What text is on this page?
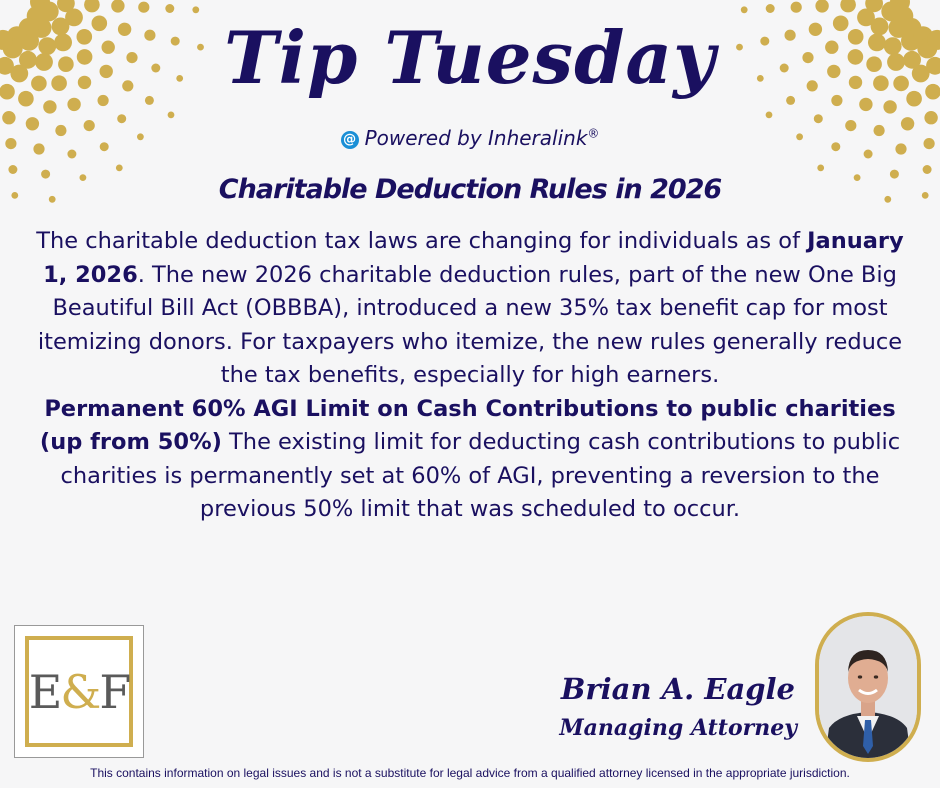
Tip Tuesday
@ Powered by Inheralink®
Charitable Deduction Rules in 2026

The charitable deduction tax laws are changing for individuals as of January 1, 2026. The new 2026 charitable deduction rules, part of the new One Big Beautiful Bill Act (OBBBA), introduced a new 35% tax benefit cap for most itemizing donors. For taxpayers who itemize, the new rules generally reduce the tax benefits, especially for high earners.

Permanent 60% AGI Limit on Cash Contributions to public charities (up from 50%) The existing limit for deducting cash contributions to public charities is permanently set at 60% of AGI, preventing a reversion to the previous 50% limit that was scheduled to occur.

E&F	Brian A. Eagle
Managing Attorney
This contains information on legal issues and is not a substitute for legal advice from a qualified attorney licensed in the appropriate jurisdiction.
